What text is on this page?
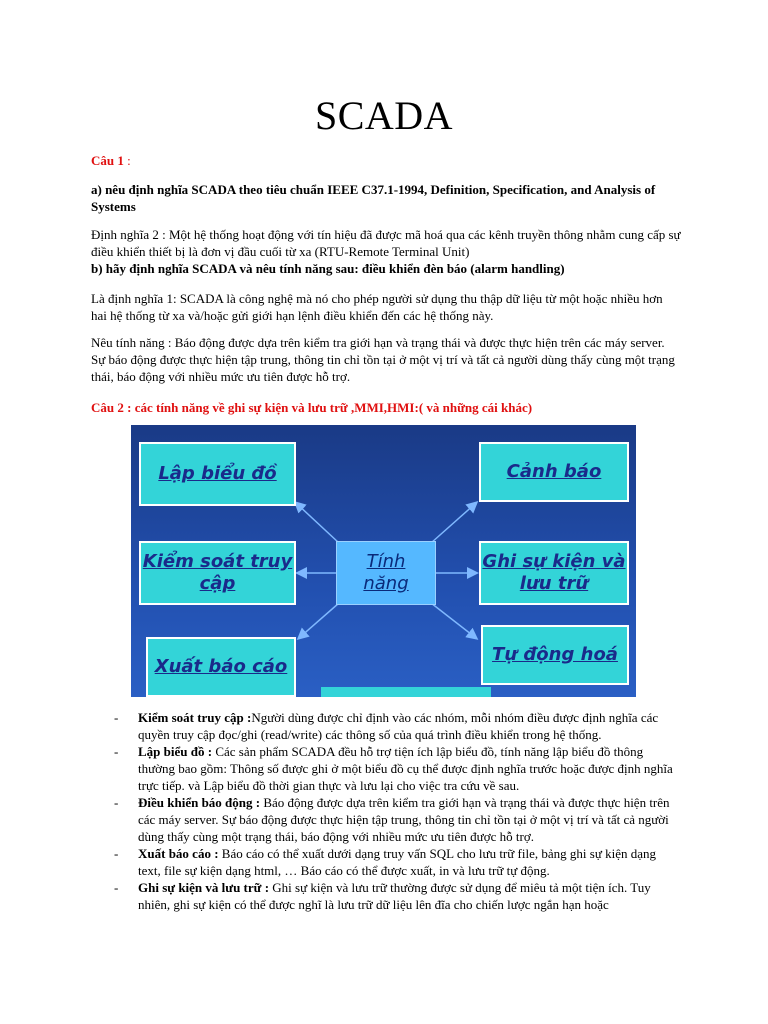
SCADA
Câu 1 :
a) nêu định nghĩa SCADA theo tiêu chuẩn IEEE C37.1-1994, Definition, Specification, and Analysis of Systems
Định nghĩa 2 : Một hệ thống hoạt động với tín hiệu đã được mã hoá qua các kênh truyền thông nhằm cung cấp sự điều khiển thiết bị là đơn vị đầu cuối từ xa (RTU-Remote Terminal Unit)
b) hãy định nghĩa SCADA và nêu tính năng sau: điều khiển đèn báo (alarm handling)
Là định nghĩa 1: SCADA là công nghệ mà nó cho phép người sử dụng thu thập dữ liệu từ một hoặc nhiều hơn hai hệ thống từ xa và/hoặc gửi giới hạn lệnh điều khiển đến các hệ thống này.
Nêu tính năng : Báo động được dựa trên kiểm tra giới hạn và trạng thái và được thực hiện trên các máy server. Sự báo động được thực hiện tập trung, thông tin chỉ tồn tại ở một vị trí và tất cả người dùng thấy cùng một trạng thái, báo động với nhiều mức ưu tiên được hỗ trợ.
Câu 2 : các tính năng về ghi sự kiện và lưu trữ ,MMI,HMI:( và những cái khác)
Lập biểu đồ	Cảnh báo
Kiểm soát truy
cập
Tính
năng
Ghi sự kiện và
lưu trữ
Xuất báo cáo
Tự động hoá
- Kiểm soát truy cập :Người dùng được chỉ định vào các nhóm, mỗi nhóm điều được định nghĩa các quyền truy cập đọc/ghi (read/write) các thông số của quá trình điều khiển trong hệ thống.
- Lập biểu đồ : Các sản phẩm SCADA đều hỗ trợ tiện ích lập biểu đồ, tính năng lập biểu đồ thông thường bao gồm: Thông số được ghi ở một biểu đồ cụ thể được định nghĩa trước hoặc được định nghĩa trực tiếp. và Lập biểu đồ thời gian thực và lưu lại cho việc tra cứu về sau.
- Điều khiển báo động : Báo động được dựa trên kiểm tra giới hạn và trạng thái và được thực hiện trên các máy server. Sự báo động được thực hiện tập trung, thông tin chỉ tồn tại ở một vị trí và tất cả người dùng thấy cùng một trạng thái, báo động với nhiều mức ưu tiên được hỗ trợ.
- Xuất báo cáo : Báo cáo có thể xuất dưới dạng truy vấn SQL cho lưu trữ file, bảng ghi sự kiện dạng text, file sự kiện dạng html, … Báo cáo có thể được xuất, in và lưu trữ tự động.
- Ghi sự kiện và lưu trữ : Ghi sự kiện và lưu trữ thường được sử dụng để miêu tả một tiện ích. Tuy nhiên, ghi sự kiện có thể được nghĩ là lưu trữ dữ liệu lên đĩa cho chiến lược ngắn hạn hoặc
